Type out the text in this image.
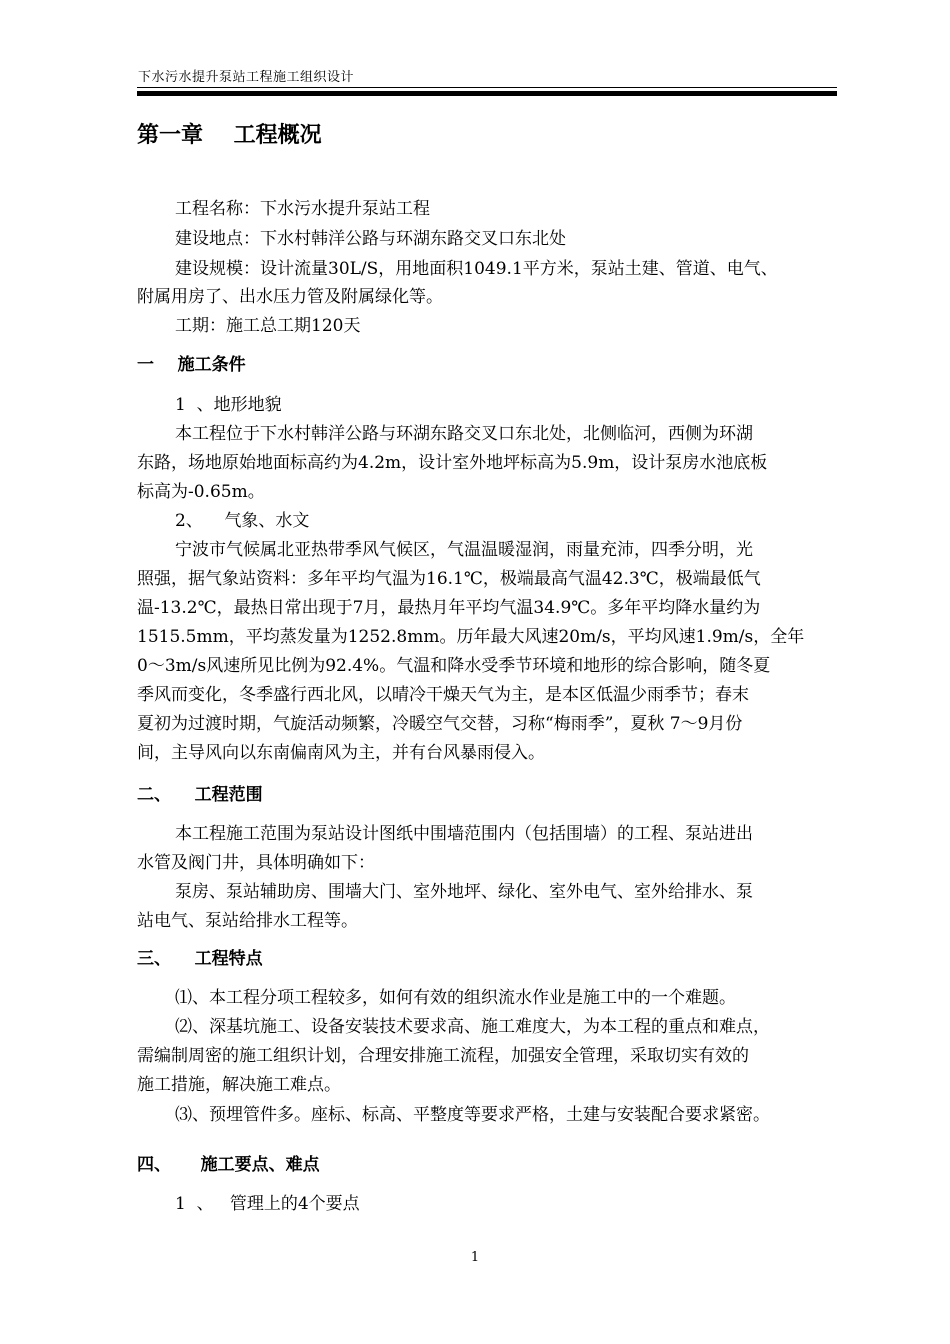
下水污水提升泵站工程施工组织设计
第一章    工程概况
工程名称：下水污水提升泵站工程
建设地点：下水村韩洋公路与环湖东路交叉口东北处
建设规模：设计流量30L/S，用地面积1049.1平方米，泵站土建、管道、电气、
附属用房了、出水压力管及附属绿化等。
工期：施工总工期120天
一    施工条件
1  、地形地貌
本工程位于下水村韩洋公路与环湖东路交叉口东北处，北侧临河，西侧为环湖
东路，场地原始地面标高约为4.2m，设计室外地坪标高为5.9m，设计泵房水池底板
标高为-0.65m。
2、    气象、水文
宁波市气候属北亚热带季风气候区，气温温暖湿润，雨量充沛，四季分明，光
照强，据气象站资料：多年平均气温为16.1℃，极端最高气温42.3℃，极端最低气
温-13.2℃，最热日常出现于7月，最热月年平均气温34.9℃。多年平均降水量约为
1515.5mm，平均蒸发量为1252.8mm。历年最大风速20m/s，平均风速1.9m/s，全年
0～3m/s风速所见比例为92.4%。气温和降水受季节环境和地形的综合影响，随冬夏
季风而变化，冬季盛行西北风，以晴冷干燥天气为主，是本区低温少雨季节；春末
夏初为过渡时期，气旋活动频繁，冷暖空气交替，习称“梅雨季”，夏秋 7～9月份
间，主导风向以东南偏南风为主，并有台风暴雨侵入。
二、    工程范围
本工程施工范围为泵站设计图纸中围墙范围内（包括围墙）的工程、泵站进出
水管及阀门井，具体明确如下：
泵房、泵站辅助房、围墙大门、室外地坪、绿化、室外电气、室外给排水、泵
站电气、泵站给排水工程等。
三、    工程特点
⑴、本工程分项工程较多，如何有效的组织流水作业是施工中的一个难题。
⑵、深基坑施工、设备安装技术要求高、施工难度大，为本工程的重点和难点，
需编制周密的施工组织计划，合理安排施工流程，加强安全管理，采取切实有效的
施工措施，解决施工难点。
⑶、预埋管件多。座标、标高、平整度等要求严格，土建与安装配合要求紧密。
四、     施工要点、难点
1  、   管理上的4个要点
1
